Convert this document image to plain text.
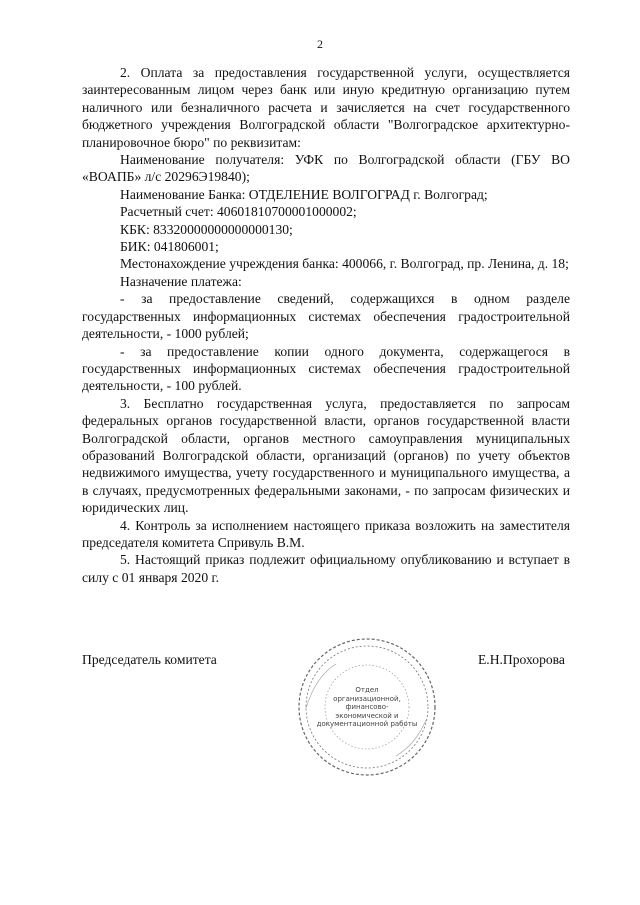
2

2. Оплата за предоставления государственной услуги, осуществляется заинтересованным лицом через банк или иную кредитную организацию путем наличного или безналичного расчета и зачисляется на счет государственного бюджетного учреждения Волгоградской области "Волгоградское архитектурно-планировочное бюро" по реквизитам:

Наименование получателя: УФК по Волгоградской области (ГБУ ВО «ВОАПБ» л/с 20296Э19840);

Наименование Банка: ОТДЕЛЕНИЕ ВОЛГОГРАД г. Волгоград;

Расчетный счет: 40601810700001000002;

КБК: 83320000000000000130;

БИК: 041806001;

Местонахождение учреждения банка: 400066, г. Волгоград, пр. Ленина, д. 18;

Назначение платежа:

- за предоставление сведений, содержащихся в одном разделе государственных информационных системах обеспечения градостроительной деятельности, - 1000 рублей;

- за предоставление копии одного документа, содержащегося в государственных информационных системах обеспечения градостроительной деятельности, - 100 рублей.

3. Бесплатно государственная услуга, предоставляется по запросам федеральных органов государственной власти, органов государственной власти Волгоградской области, органов местного самоуправления муниципальных образований Волгоградской области, организаций (органов) по учету объектов недвижимого имущества, учету государственного и муниципального имущества, а в случаях, предусмотренных федеральными законами, - по запросам физических и юридических лиц.

4. Контроль за исполнением настоящего приказа возложить на заместителя председателя комитета Спривуль В.М.

5. Настоящий приказ подлежит официальному опубликованию и вступает в силу с 01 января 2020 г.

Председатель комитета	Е.Н.Прохорова
Отдел
организационной,
финансово-
экономической и
документационной работы
